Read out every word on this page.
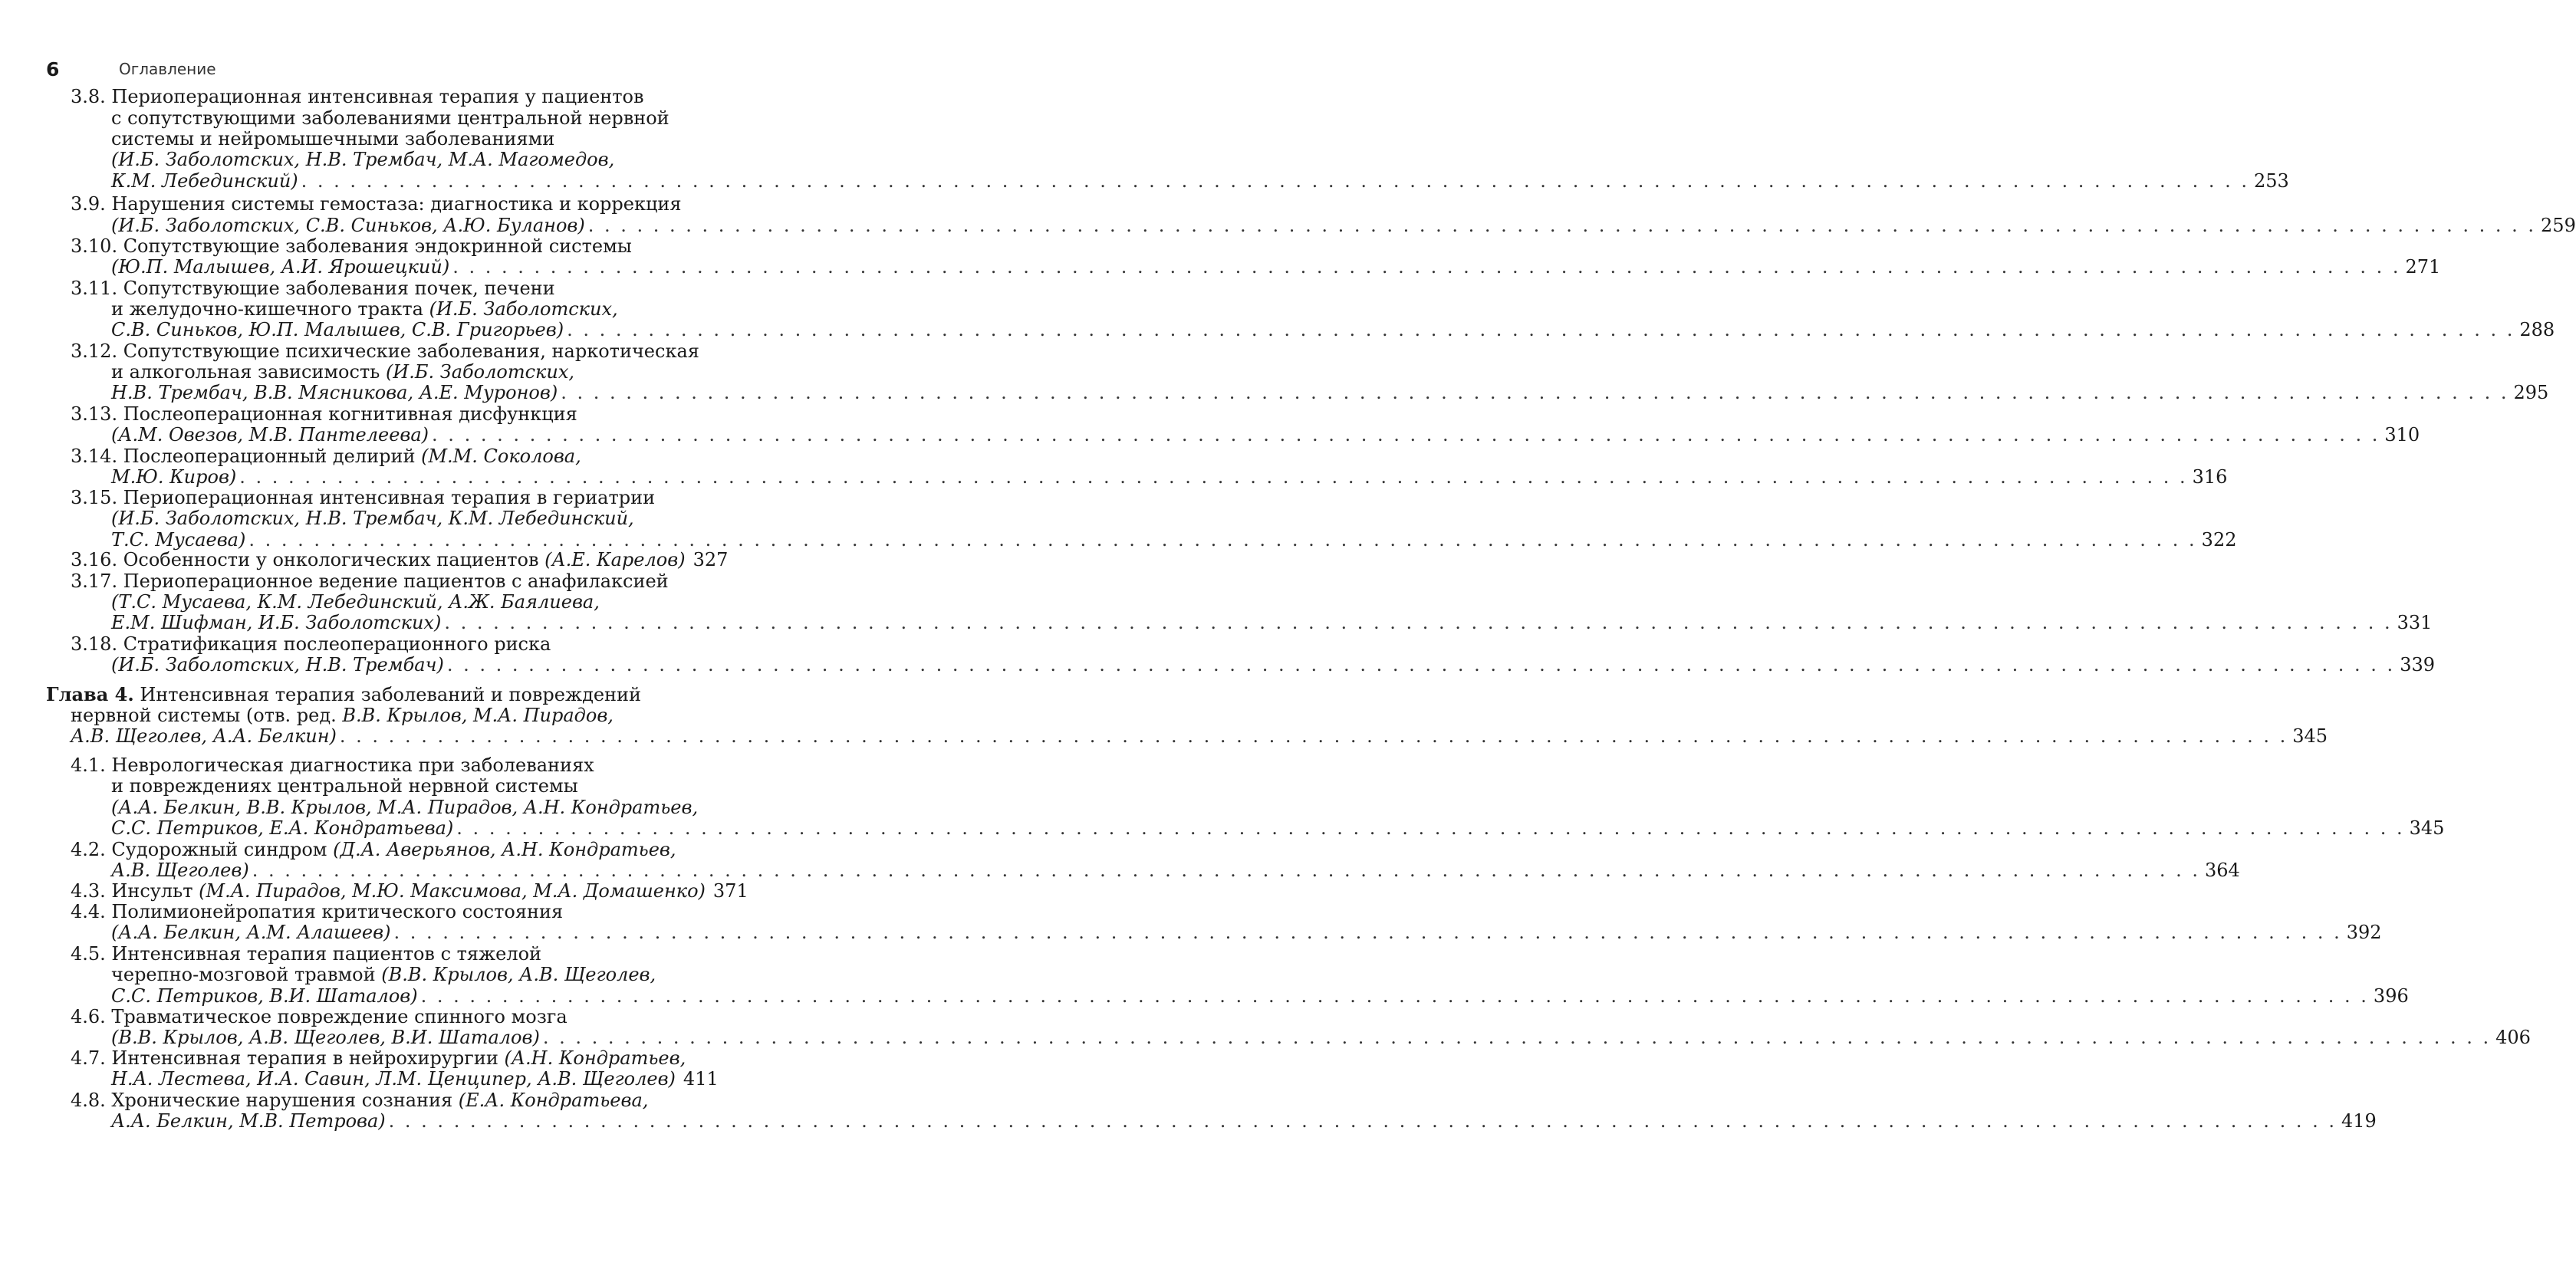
6	Оглавление
3.8. Периоперационная интенсивная терапия у пациентов
с сопутствующими заболеваниями центральной нервной
системы и нейромышечными заболеваниями
(И.Б. Заболотских, Н.В. Трембач, М.А. Магомедов,
К.М. Лебединский) . . . . . . . . . . . . . . . . . . . . . . . . . . . . . . . . . . . . . . . . . . . . . . . . . . . . . . . . . . . . . . . . . . . . . . . . . . . . . . . . . . . . . . . . . . . . . . . . . . . . . . . . . . . . . . . . . . . . . . . . 253
3.9. Нарушения системы гемостаза: диагностика и коррекция
(И.Б. Заболотских, С.В. Синьков, А.Ю. Буланов) . . . . . . . . . . . . . . . . . . . . . . . . . . . . . . . . . . . . . . . . . . . . . . . . . . . . . . . . . . . . . . . . . . . . . . . . . . . . . . . . . . . . . . . . . . . . . . . . . . . . . . . . . . . . . . . . . . . . . . . . 259
3.10. Сопутствующие заболевания эндокринной системы
(Ю.П. Малышев, А.И. Ярошецкий) . . . . . . . . . . . . . . . . . . . . . . . . . . . . . . . . . . . . . . . . . . . . . . . . . . . . . . . . . . . . . . . . . . . . . . . . . . . . . . . . . . . . . . . . . . . . . . . . . . . . . . . . . . . . . . . . . . . . . . . . 271
3.11. Сопутствующие заболевания почек, печени
и желудочно-кишечного тракта (И.Б. Заболотских,
С.В. Синьков, Ю.П. Малышев, С.В. Григорьев) . . . . . . . . . . . . . . . . . . . . . . . . . . . . . . . . . . . . . . . . . . . . . . . . . . . . . . . . . . . . . . . . . . . . . . . . . . . . . . . . . . . . . . . . . . . . . . . . . . . . . . . . . . . . . . . . . . . . . . . . 288
3.12. Сопутствующие психические заболевания, наркотическая
и алкогольная зависимость (И.Б. Заболотских,
Н.В. Трембач, В.В. Мясникова, А.Е. Муронов) . . . . . . . . . . . . . . . . . . . . . . . . . . . . . . . . . . . . . . . . . . . . . . . . . . . . . . . . . . . . . . . . . . . . . . . . . . . . . . . . . . . . . . . . . . . . . . . . . . . . . . . . . . . . . . . . . . . . . . . . 295
3.13. Послеоперационная когнитивная дисфункция
(А.М. Овезов, М.В. Пантелеева) . . . . . . . . . . . . . . . . . . . . . . . . . . . . . . . . . . . . . . . . . . . . . . . . . . . . . . . . . . . . . . . . . . . . . . . . . . . . . . . . . . . . . . . . . . . . . . . . . . . . . . . . . . . . . . . . . . . . . . . . 310
3.14. Послеоперационный делирий (М.М. Соколова,
М.Ю. Киров) . . . . . . . . . . . . . . . . . . . . . . . . . . . . . . . . . . . . . . . . . . . . . . . . . . . . . . . . . . . . . . . . . . . . . . . . . . . . . . . . . . . . . . . . . . . . . . . . . . . . . . . . . . . . . . . . . . . . . . . . 316
3.15. Периоперационная интенсивная терапия в гериатрии
(И.Б. Заболотских, Н.В. Трембач, К.М. Лебединский,
Т.С. Мусаева) . . . . . . . . . . . . . . . . . . . . . . . . . . . . . . . . . . . . . . . . . . . . . . . . . . . . . . . . . . . . . . . . . . . . . . . . . . . . . . . . . . . . . . . . . . . . . . . . . . . . . . . . . . . . . . . . . . . . . . . . 322
3.16. Особенности у онкологических пациентов (А.Е. Карелов) 327
3.17. Периоперационное ведение пациентов с анафилаксией
(Т.С. Мусаева, К.М. Лебединский, А.Ж. Баялиева,
Е.М. Шифман, И.Б. Заболотских) . . . . . . . . . . . . . . . . . . . . . . . . . . . . . . . . . . . . . . . . . . . . . . . . . . . . . . . . . . . . . . . . . . . . . . . . . . . . . . . . . . . . . . . . . . . . . . . . . . . . . . . . . . . . . . . . . . . . . . . . 331
3.18. Стратификация послеоперационного риска
(И.Б. Заболотских, Н.В. Трембач) . . . . . . . . . . . . . . . . . . . . . . . . . . . . . . . . . . . . . . . . . . . . . . . . . . . . . . . . . . . . . . . . . . . . . . . . . . . . . . . . . . . . . . . . . . . . . . . . . . . . . . . . . . . . . . . . . . . . . . . . 339
Глава 4. Интенсивная терапия заболеваний и повреждений
нервной системы (отв. ред. В.В. Крылов, М.А. Пирадов,
А.В. Щеголев, А.А. Белкин) . . . . . . . . . . . . . . . . . . . . . . . . . . . . . . . . . . . . . . . . . . . . . . . . . . . . . . . . . . . . . . . . . . . . . . . . . . . . . . . . . . . . . . . . . . . . . . . . . . . . . . . . . . . . . . . . . . . . . . . . 345
4.1. Неврологическая диагностика при заболеваниях
и повреждениях центральной нервной системы
(А.А. Белкин, В.В. Крылов, М.А. Пирадов, А.Н. Кондратьев,
С.С. Петриков, Е.А. Кондратьева) . . . . . . . . . . . . . . . . . . . . . . . . . . . . . . . . . . . . . . . . . . . . . . . . . . . . . . . . . . . . . . . . . . . . . . . . . . . . . . . . . . . . . . . . . . . . . . . . . . . . . . . . . . . . . . . . . . . . . . . . 345
4.2. Судорожный синдром (Д.А. Аверьянов, А.Н. Кондратьев,
А.В. Щеголев) . . . . . . . . . . . . . . . . . . . . . . . . . . . . . . . . . . . . . . . . . . . . . . . . . . . . . . . . . . . . . . . . . . . . . . . . . . . . . . . . . . . . . . . . . . . . . . . . . . . . . . . . . . . . . . . . . . . . . . . . 364
4.3. Инсульт (М.А. Пирадов, М.Ю. Максимова, М.А. Домашенко) 371
4.4. Полимионейропатия критического состояния
(А.А. Белкин, А.М. Алашеев) . . . . . . . . . . . . . . . . . . . . . . . . . . . . . . . . . . . . . . . . . . . . . . . . . . . . . . . . . . . . . . . . . . . . . . . . . . . . . . . . . . . . . . . . . . . . . . . . . . . . . . . . . . . . . . . . . . . . . . . . 392
4.5. Интенсивная терапия пациентов с тяжелой
черепно-мозговой травмой (В.В. Крылов, А.В. Щеголев,
С.С. Петриков, В.И. Шаталов) . . . . . . . . . . . . . . . . . . . . . . . . . . . . . . . . . . . . . . . . . . . . . . . . . . . . . . . . . . . . . . . . . . . . . . . . . . . . . . . . . . . . . . . . . . . . . . . . . . . . . . . . . . . . . . . . . . . . . . . . 396
4.6. Травматическое повреждение спинного мозга
(В.В. Крылов, А.В. Щеголев, В.И. Шаталов) . . . . . . . . . . . . . . . . . . . . . . . . . . . . . . . . . . . . . . . . . . . . . . . . . . . . . . . . . . . . . . . . . . . . . . . . . . . . . . . . . . . . . . . . . . . . . . . . . . . . . . . . . . . . . . . . . . . . . . . . 406
4.7. Интенсивная терапия в нейрохирургии (А.Н. Кондратьев,
Н.А. Лестева, И.А. Савин, Л.М. Ценципер, А.В. Щеголев) 411
4.8. Хронические нарушения сознания (Е.А. Кондратьева,
А.А. Белкин, М.В. Петрова) . . . . . . . . . . . . . . . . . . . . . . . . . . . . . . . . . . . . . . . . . . . . . . . . . . . . . . . . . . . . . . . . . . . . . . . . . . . . . . . . . . . . . . . . . . . . . . . . . . . . . . . . . . . . . . . . . . . . . . . . 419
